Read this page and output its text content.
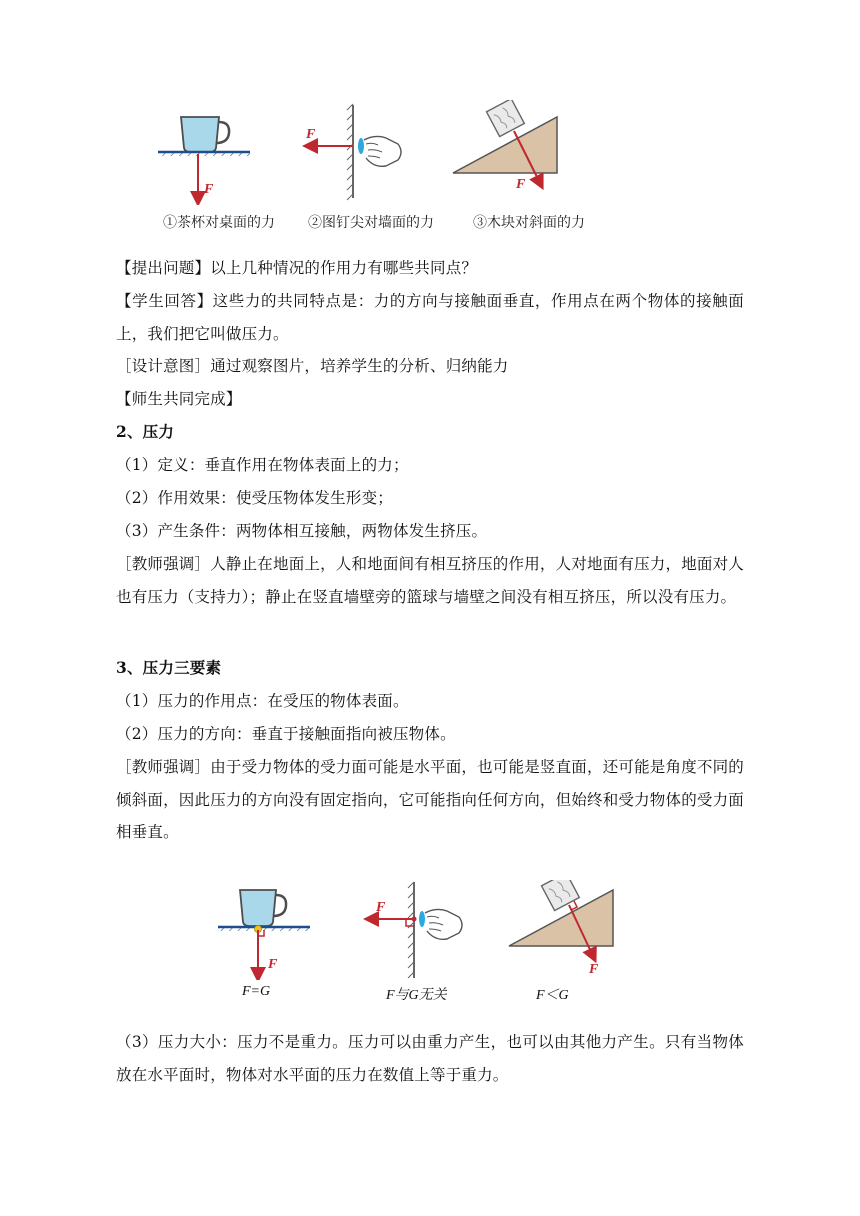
F
F
F
①茶杯对桌面的力 ②图钉尖对墙面的力	③木块对斜面的力

【提出问题】以上几种情况的作用力有哪些共同点？

【学生回答】这些力的共同特点是：力的方向与接触面垂直，作用点在两个物体的接触面上，我们把它叫做压力。

［设计意图］通过观察图片，培养学生的分析、归纳能力

【师生共同完成】

2、压力

（1）定义：垂直作用在物体表面上的力；

（2）作用效果：使受压物体发生形变；

（3）产生条件：两物体相互接触，两物体发生挤压。

［教师强调］人静止在地面上，人和地面间有相互挤压的作用，人对地面有压力，地面对人也有压力（支持力）；静止在竖直墙壁旁的篮球与墙壁之间没有相互挤压，所以没有压力。

3、压力三要素

（1）压力的作用点：在受压的物体表面。

（2）压力的方向：垂直于接触面指向被压物体。

［教师强调］由于受力物体的受力面可能是水平面，也可能是竖直面，还可能是角度不同的倾斜面，因此压力的方向没有固定指向，它可能指向任何方向，但始终和受力物体的受力面相垂直。

F
F
F
F=G	F与G无关	F＜G

（3）压力大小：压力不是重力。压力可以由重力产生，也可以由其他力产生。只有当物体放在水平面时，物体对水平面的压力在数值上等于重力。
